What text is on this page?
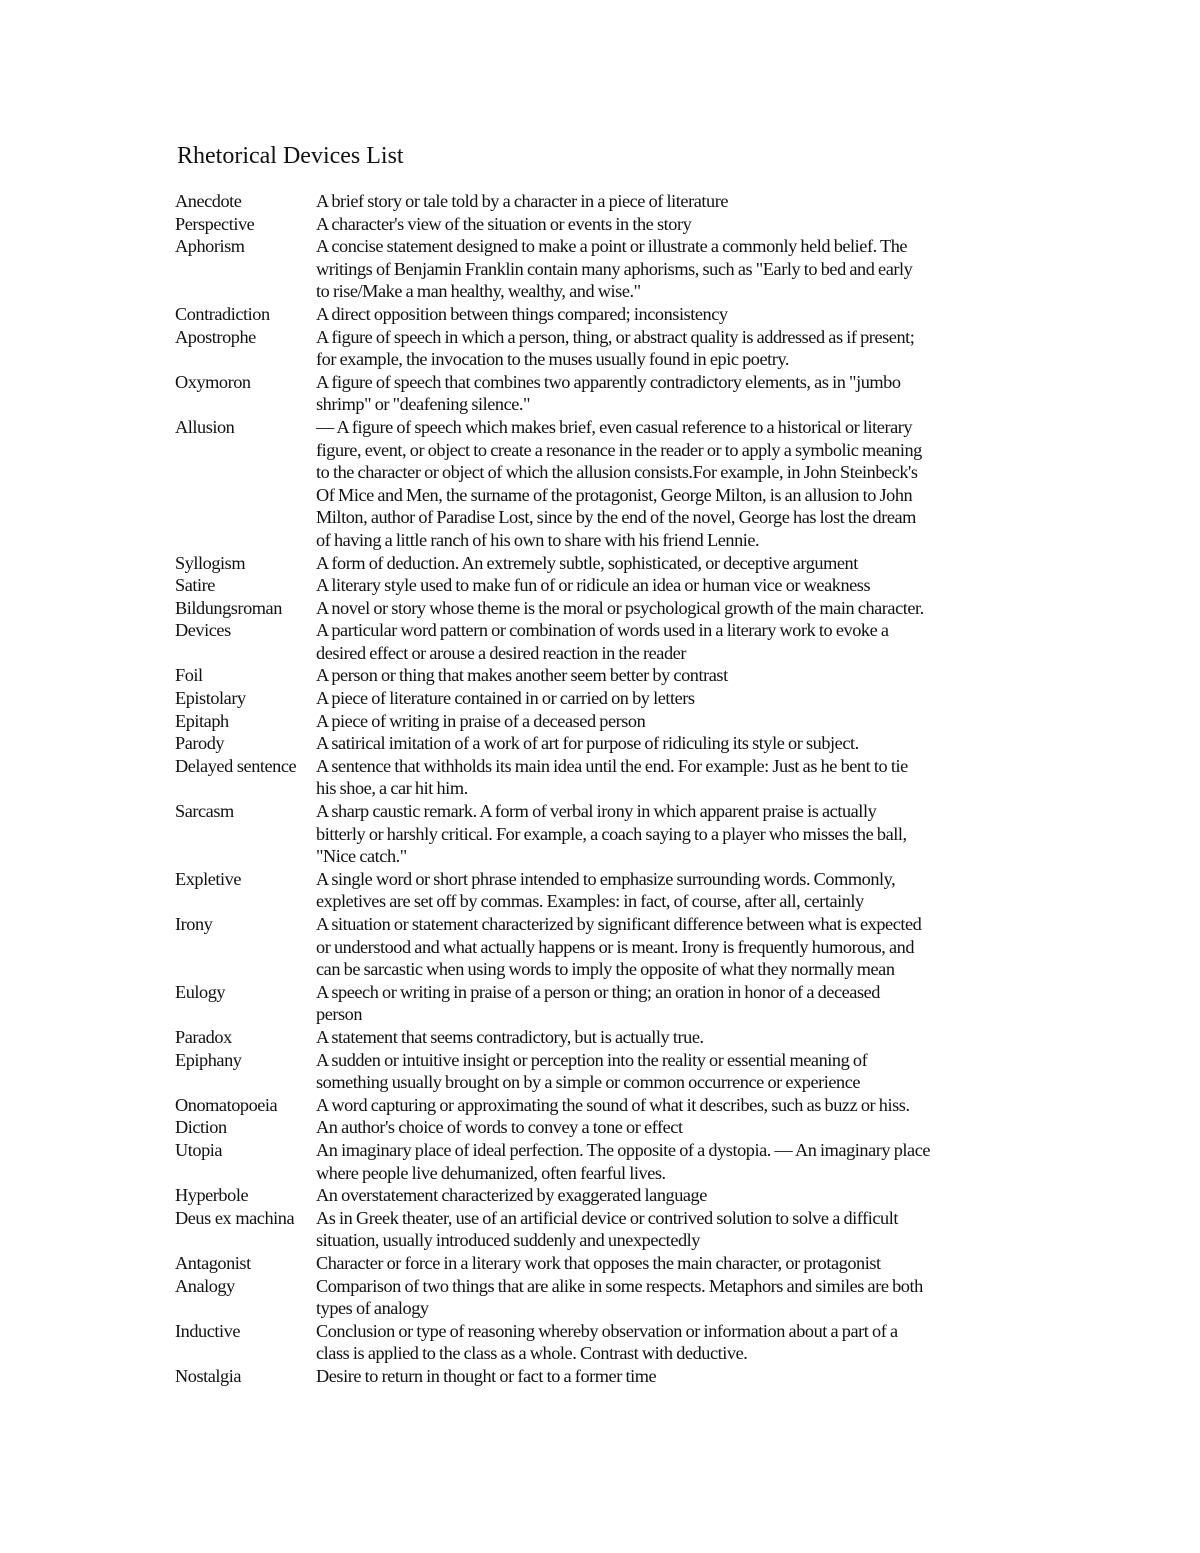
Rhetorical Devices List
Anecdote	A brief story or tale told by a character in a piece of literature
Perspective	A character's view of the situation or events in the story
Aphorism	A concise statement designed to make a point or illustrate a commonly held belief. The
writings of Benjamin Franklin contain many aphorisms, such as "Early to bed and early
to rise/Make a man healthy, wealthy, and wise."
Contradiction	A direct opposition between things compared; inconsistency
Apostrophe	A figure of speech in which a person, thing, or abstract quality is addressed as if present;
for example, the invocation to the muses usually found in epic poetry.
Oxymoron	A figure of speech that combines two apparently contradictory elements, as in "jumbo
shrimp" or "deafening silence."
Allusion	— A figure of speech which makes brief, even casual reference to a historical or literary
figure, event, or object to create a resonance in the reader or to apply a symbolic meaning
to the character or object of which the allusion consists.For example, in John Steinbeck's
Of Mice and Men, the surname of the protagonist, George Milton, is an allusion to John
Milton, author of Paradise Lost, since by the end of the novel, George has lost the dream
of having a little ranch of his own to share with his friend Lennie.
Syllogism	A form of deduction. An extremely subtle, sophisticated, or deceptive argument
Satire	A literary style used to make fun of or ridicule an idea or human vice or weakness
Bildungsroman	A novel or story whose theme is the moral or psychological growth of the main character.
Devices	A particular word pattern or combination of words used in a literary work to evoke a
desired effect or arouse a desired reaction in the reader
Foil	A person or thing that makes another seem better by contrast
Epistolary	A piece of literature contained in or carried on by letters
Epitaph	A piece of writing in praise of a deceased person
Parody	A satirical imitation of a work of art for purpose of ridiculing its style or subject.
Delayed sentence	A sentence that withholds its main idea until the end. For example: Just as he bent to tie
his shoe, a car hit him.
Sarcasm	A sharp caustic remark. A form of verbal irony in which apparent praise is actually
bitterly or harshly critical. For example, a coach saying to a player who misses the ball,
"Nice catch."
Expletive	A single word or short phrase intended to emphasize surrounding words. Commonly,
expletives are set off by commas. Examples: in fact, of course, after all, certainly
Irony	A situation or statement characterized by significant difference between what is expected
or understood and what actually happens or is meant. Irony is frequently humorous, and
can be sarcastic when using words to imply the opposite of what they normally mean
Eulogy	A speech or writing in praise of a person or thing; an oration in honor of a deceased
person
Paradox	A statement that seems contradictory, but is actually true.
Epiphany	A sudden or intuitive insight or perception into the reality or essential meaning of
something usually brought on by a simple or common occurrence or experience
Onomatopoeia	A word capturing or approximating the sound of what it describes, such as buzz or hiss.
Diction	An author's choice of words to convey a tone or effect
Utopia	An imaginary place of ideal perfection. The opposite of a dystopia. — An imaginary place
where people live dehumanized, often fearful lives.
Hyperbole	An overstatement characterized by exaggerated language
Deus ex machina	As in Greek theater, use of an artificial device or contrived solution to solve a difficult
situation, usually introduced suddenly and unexpectedly
Antagonist	Character or force in a literary work that opposes the main character, or protagonist
Analogy	Comparison of two things that are alike in some respects. Metaphors and similes are both
types of analogy
Inductive	Conclusion or type of reasoning whereby observation or information about a part of a
class is applied to the class as a whole. Contrast with deductive.
Nostalgia	Desire to return in thought or fact to a former time
